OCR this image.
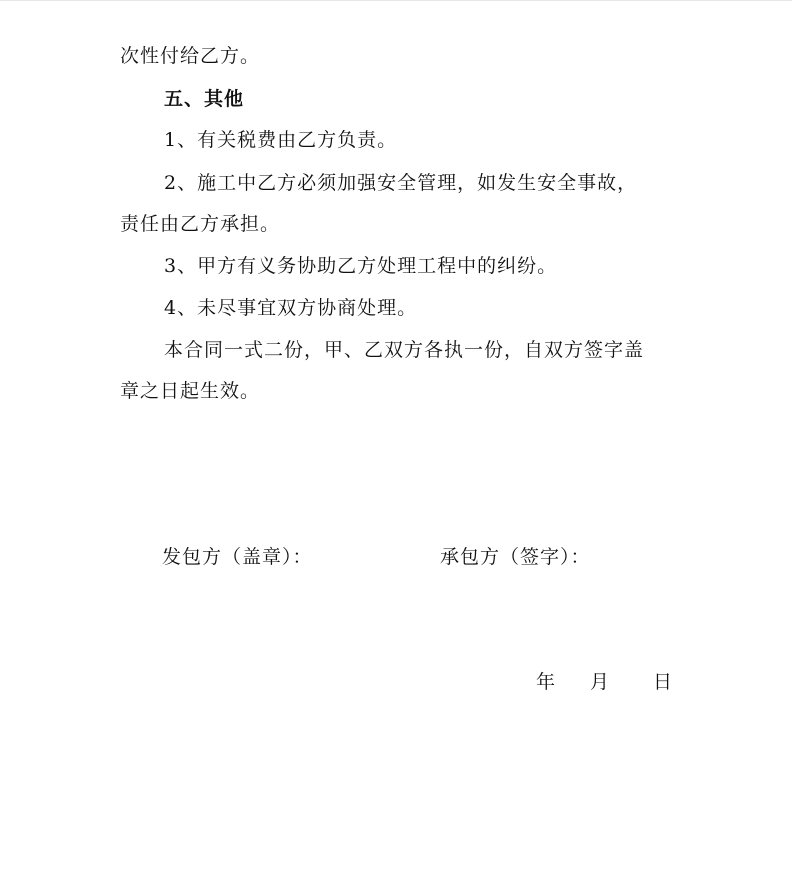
次性付给乙方。
五、其他
1、有关税费由乙方负责。
2、施工中乙方必须加强安全管理，如发生安全事故，
责任由乙方承担。
3、甲方有义务协助乙方处理工程中的纠纷。
4、未尽事宜双方协商处理。
本合同一式二份，甲、乙双方各执一份，自双方签字盖
章之日起生效。
发包方（盖章）：	承包方（签字）：
年 月 日
